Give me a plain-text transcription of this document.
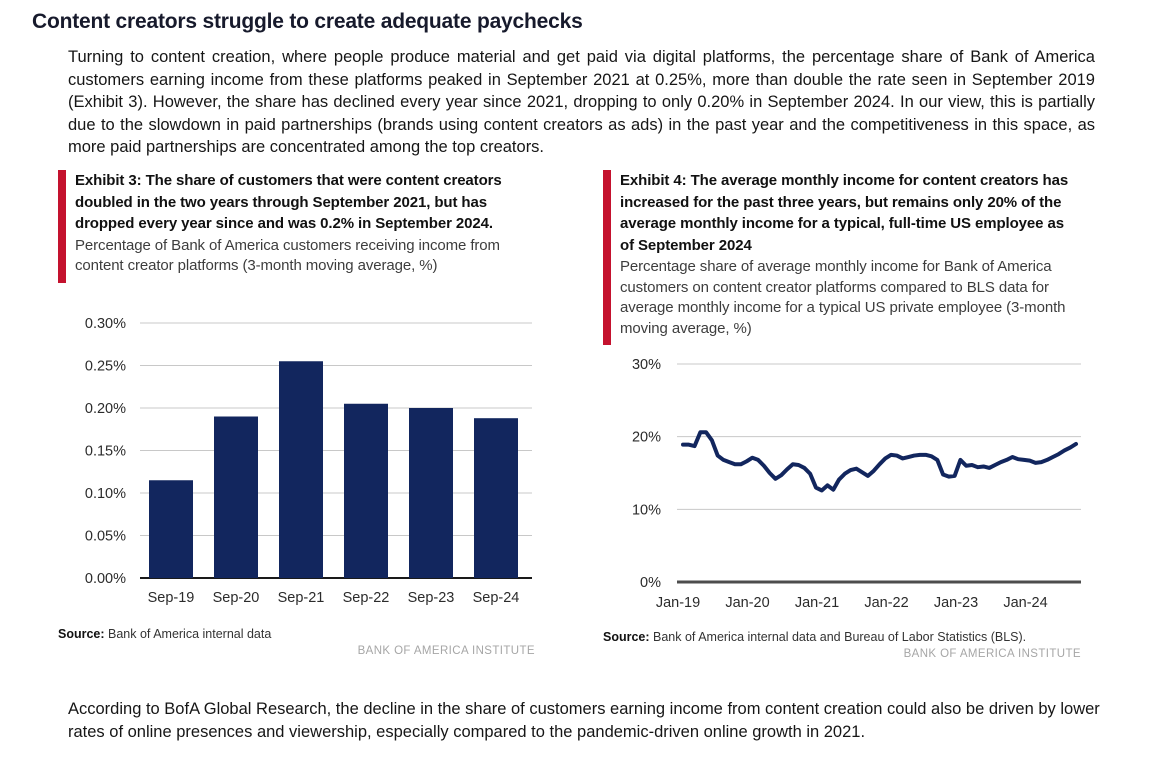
Content creators struggle to create adequate paychecks

Turning to content creation, where people produce material and get paid via digital platforms, the percentage share of Bank of America customers earning income from these platforms peaked in September 2021 at 0.25%, more than double the rate seen in September 2019 (Exhibit 3). However, the share has declined every year since 2021, dropping to only 0.20% in September 2024. In our view, this is partially due to the slowdown in paid partnerships (brands using content creators as ads) in the past year and the competitiveness in this space, as more paid partnerships are concentrated among the top creators.

Exhibit 3: The share of customers that were content creators doubled in the two years through September 2021, but has dropped every year since and was 0.2% in September 2024.
Percentage of Bank of America customers receiving income from content creator platforms (3-month moving average, %)
Exhibit 4: The average monthly income for content creators has increased for the past three years, but remains only 20% of the average monthly income for a typical, full-time US employee as of September 2024
Percentage share of average monthly income for Bank of America customers on content creator platforms compared to BLS data for average monthly income for a typical US private employee (3-month moving average, %)
0.30%
0.25%
0.20%
0.15%
0.10%
0.05%
0.00%
Sep-19 Sep-20 Sep-21 Sep-22 Sep-23 Sep-24
0%
10%
20%
30%
Jan-19 Jan-20 Jan-21 Jan-22 Jan-23 Jan-24
Source: Bank of America internal data
BANK OF AMERICA INSTITUTE
Source: Bank of America internal data and Bureau of Labor Statistics (BLS).
BANK OF AMERICA INSTITUTE

According to BofA Global Research, the decline in the share of customers earning income from content creation could also be driven by lower rates of online presences and viewership, especially compared to the pandemic-driven online growth in 2021.
